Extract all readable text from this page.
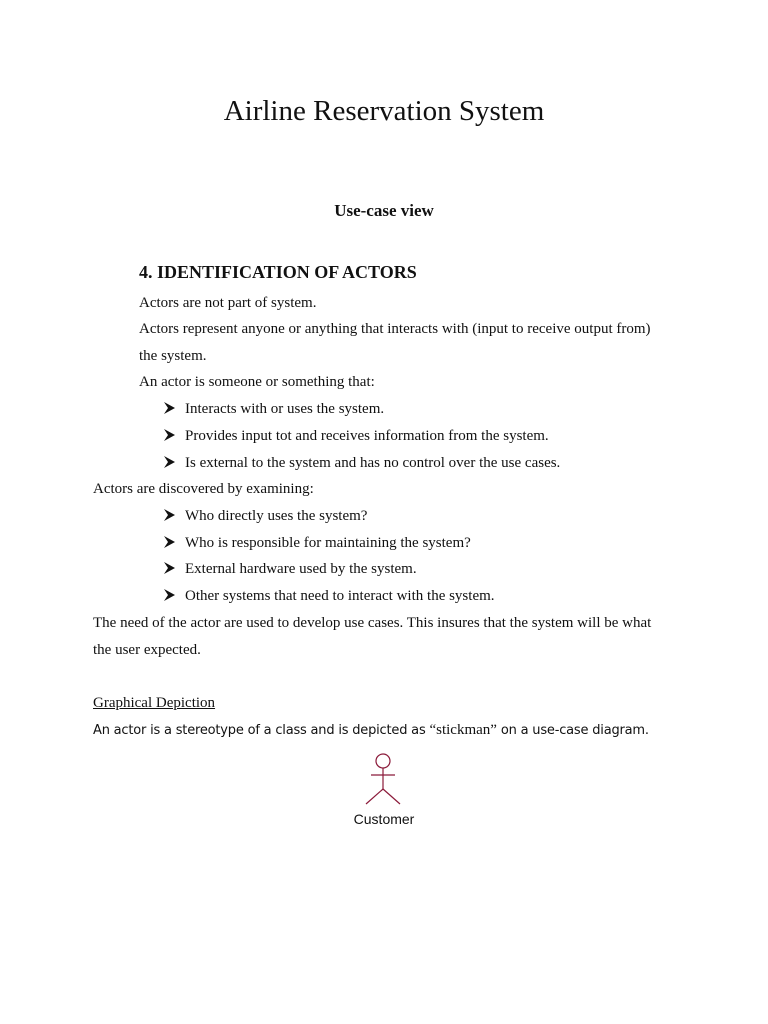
Airline Reservation System
Use-case view
4. IDENTIFICATION OF ACTORS
Actors are not part of system.
Actors represent anyone or anything that interacts with (input to receive output from)
the system.
An actor is someone or something that:
Interacts with or uses the system.
Provides input tot and receives information from the system.
Is external to the system and has no control over the use cases.
Actors are discovered by examining:
Who directly uses the system?
Who is responsible for maintaining the system?
External hardware used by the system.
Other systems that need to interact with the system.
The need of the actor are used to develop use cases. This insures that the system will be what
the user expected.
Graphical Depiction
An actor is a stereotype of a class and is depicted as “stickman” on a use-case diagram.
Customer
